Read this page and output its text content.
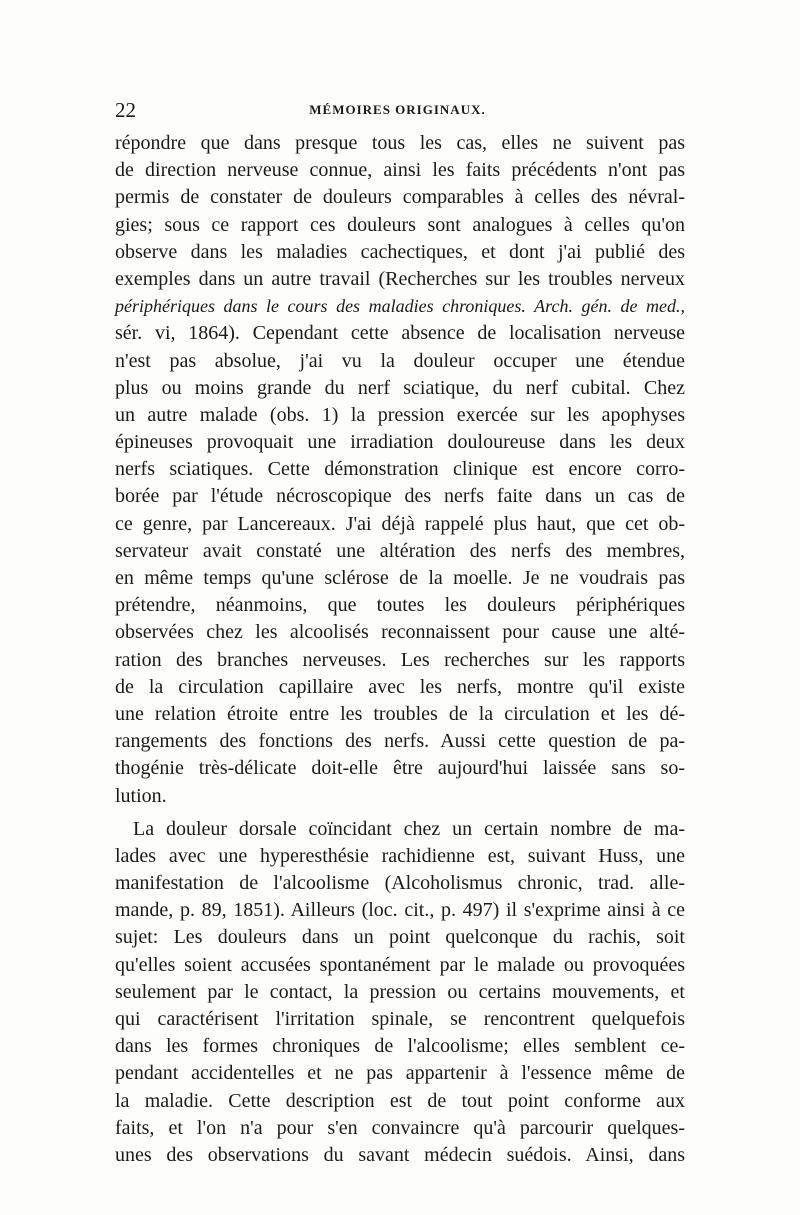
22	MÉMOIRES ORIGINAUX.
répondre que dans presque tous les cas, elles ne suivent pas
de direction nerveuse connue, ainsi les faits précédents n'ont pas
permis de constater de douleurs comparables à celles des névral-
gies; sous ce rapport ces douleurs sont analogues à celles qu'on
observe dans les maladies cachectiques, et dont j'ai publié des
exemples dans un autre travail (Recherches sur les troubles nerveux
périphériques dans le cours des maladies chroniques. Arch. gén. de med.,
sér. vi, 1864). Cependant cette absence de localisation nerveuse
n'est pas absolue, j'ai vu la douleur occuper une étendue
plus ou moins grande du nerf sciatique, du nerf cubital. Chez
un autre malade (obs. 1) la pression exercée sur les apophyses
épineuses provoquait une irradiation douloureuse dans les deux
nerfs sciatiques. Cette démonstration clinique est encore corro-
borée par l'étude nécroscopique des nerfs faite dans un cas de
ce genre, par Lancereaux. J'ai déjà rappelé plus haut, que cet ob-
servateur avait constaté une altération des nerfs des membres,
en même temps qu'une sclérose de la moelle. Je ne voudrais pas
prétendre, néanmoins, que toutes les douleurs périphériques
observées chez les alcoolisés reconnaissent pour cause une alté-
ration des branches nerveuses. Les recherches sur les rapports
de la circulation capillaire avec les nerfs, montre qu'il existe
une relation étroite entre les troubles de la circulation et les dé-
rangements des fonctions des nerfs. Aussi cette question de pa-
thogénie très-délicate doit-elle être aujourd'hui laissée sans so-
lution.
La douleur dorsale coïncidant chez un certain nombre de ma-
lades avec une hyperesthésie rachidienne est, suivant Huss, une
manifestation de l'alcoolisme (Alcoholismus chronic, trad. alle-
mande, p. 89, 1851). Ailleurs (loc. cit., p. 497) il s'exprime ainsi à ce
sujet: Les douleurs dans un point quelconque du rachis, soit
qu'elles soient accusées spontanément par le malade ou provoquées
seulement par le contact, la pression ou certains mouvements, et
qui caractérisent l'irritation spinale, se rencontrent quelquefois
dans les formes chroniques de l'alcoolisme; elles semblent ce-
pendant accidentelles et ne pas appartenir à l'essence même de
la maladie. Cette description est de tout point conforme aux
faits, et l'on n'a pour s'en convaincre qu'à parcourir quelques-
unes des observations du savant médecin suédois. Ainsi, dans
